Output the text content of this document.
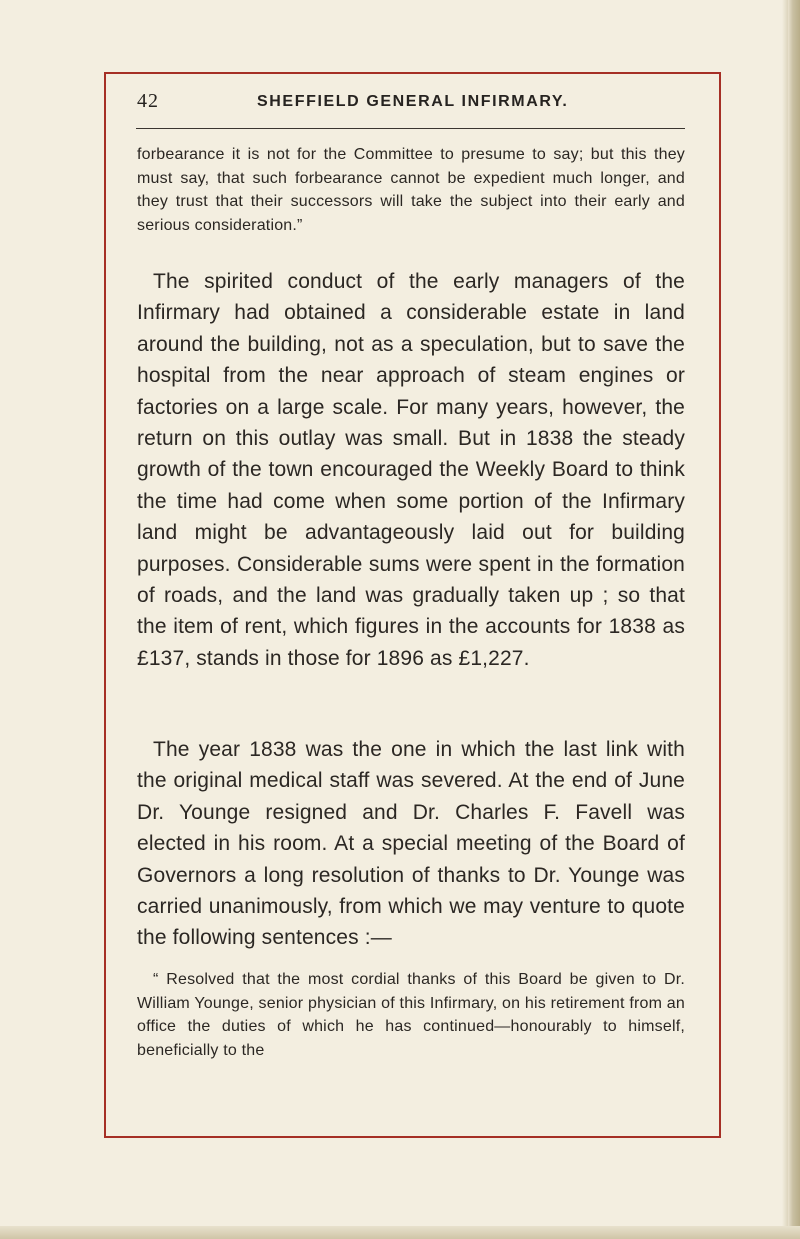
42	SHEFFIELD GENERAL INFIRMARY.
forbearance it is not for the Committee to presume to say; but this they must say, that such forbearance cannot be expedient much longer, and they trust that their successors will take the subject into their early and serious consideration.”
The spirited conduct of the early managers of the Infirmary had obtained a considerable estate in land around the building, not as a speculation, but to save the hospital from the near approach of steam engines or factories on a large scale. For many years, however, the return on this outlay was small. But in 1838 the steady growth of the town encouraged the Weekly Board to think the time had come when some portion of the Infirmary land might be advantageously laid out for building purposes. Considerable sums were spent in the formation of roads, and the land was gradually taken up ; so that the item of rent, which figures in the accounts for 1838 as £137, stands in those for 1896 as £1,227.
The year 1838 was the one in which the last link with the original medical staff was severed. At the end of June Dr. Younge resigned and Dr. Charles F. Favell was elected in his room. At a special meeting of the Board of Governors a long resolution of thanks to Dr. Younge was carried unanimously, from which we may venture to quote the following sentences :—
“ Resolved that the most cordial thanks of this Board be given to Dr. William Younge, senior physician of this Infirmary, on his retirement from an office the duties of which he has continued—honourably to himself, beneficially to the
